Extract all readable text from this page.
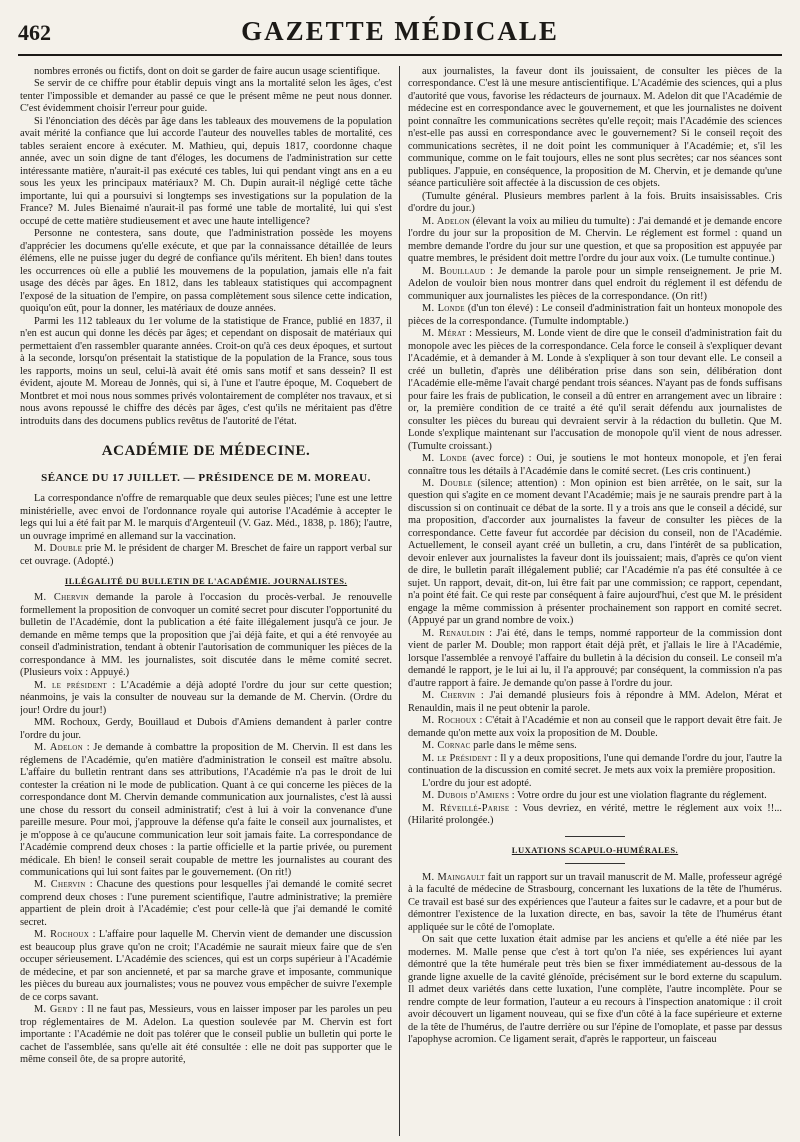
462	GAZETTE MÉDICALE

nombres erronés ou fictifs, dont on doit se garder de faire aucun usage scientifique.

Se servir de ce chiffre pour établir depuis vingt ans la mortalité selon les âges, c'est tenter l'impossible et demander au passé ce que le présent même ne peut nous donner. C'est évidemment choisir l'erreur pour guide.

Si l'énonciation des décès par âge dans les tableaux des mouvemens de la population avait mérité la confiance que lui accorde l'auteur des nouvelles tables de mortalité, ces tables seraient encore à exécuter. M. Mathieu, qui, depuis 1817, coordonne chaque année, avec un soin digne de tant d'éloges, les documens de l'administration sur cette intéressante matière, n'aurait-il pas exécuté ces tables, lui qui pendant vingt ans en a eu sous les yeux les principaux matériaux? M. Ch. Dupin aurait-il négligé cette tâche importante, lui qui a poursuivi si longtemps ses investigations sur la population de la France? M. Jules Bienaimé n'aurait-il pas formé une table de mortalité, lui qui s'est occupé de cette matière studieusement et avec une haute intelligence?

Personne ne contestera, sans doute, que l'administration possède les moyens d'apprécier les documens qu'elle exécute, et que par la connaissance détaillée de leurs élémens, elle ne puisse juger du degré de confiance qu'ils méritent. Eh bien! dans toutes les occurrences où elle a publié les mouvemens de la population, jamais elle n'a fait usage des décès par âges. En 1812, dans les tableaux statistiques qui accompagnent l'exposé de la situation de l'empire, on passa complètement sous silence cette indication, quoiqu'on eût, pour la donner, les matériaux de douze années.

Parmi les 112 tableaux du 1er volume de la statistique de France, publié en 1837, il n'en est aucun qui donne les décès par âges; et cependant on disposait de matériaux qui permettaient d'en rassembler quarante années. Croit-on qu'à ces deux époques, et surtout à la seconde, lorsqu'on présentait la statistique de la population de la France, sous tous les rapports, moins un seul, celui-là avait été omis sans motif et sans dessein? Il est évident, ajoute M. Moreau de Jonnès, qui si, à l'une et l'autre époque, M. Coquebert de Montbret et moi nous nous sommes privés volontairement de compléter nos travaux, et si nous avons repoussé le chiffre des décès par âges, c'est qu'ils ne méritaient pas d'être introduits dans des documens publics revêtus de l'autorité de l'état.

ACADÉMIE DE MÉDECINE.
SÉANCE DU 17 JUILLET. — PRÉSIDENCE DE M. MOREAU.

La correspondance n'offre de remarquable que deux seules pièces; l'une est une lettre ministérielle, avec envoi de l'ordonnance royale qui autorise l'Académie à accepter le legs qui lui a été fait par M. le marquis d'Argenteuil (V. Gaz. Méd., 1838, p. 186); l'autre, un ouvrage imprimé en allemand sur la vaccination.

M. Double prie M. le président de charger M. Breschet de faire un rapport verbal sur cet ouvrage. (Adopté.)

ILLÉGALITÉ DU BULLETIN DE L'ACADÉMIE. JOURNALISTES.

M. Chervin demande la parole à l'occasion du procès-verbal. Je renouvelle formellement la proposition de convoquer un comité secret pour discuter l'opportunité du bulletin de l'Académie, dont la publication a été faite illégalement jusqu'à ce jour. Je demande en même temps que la proposition que j'ai déjà faite, et qui a été renvoyée au conseil d'administration, tendant à obtenir l'autorisation de communiquer les pièces de la correspondance à MM. les journalistes, soit discutée dans le même comité secret. (Plusieurs voix : Appuyé.)

M. le président : L'Académie a déjà adopté l'ordre du jour sur cette question; néanmoins, je vais la consulter de nouveau sur la demande de M. Chervin. (Ordre du jour! Ordre du jour!)

MM. Rochoux, Gerdy, Bouillaud et Dubois d'Amiens demandent à parler contre l'ordre du jour.

M. Adelon : Je demande à combattre la proposition de M. Chervin. Il est dans les réglemens de l'Académie, qu'en matière d'administration le conseil est maître absolu. L'affaire du bulletin rentrant dans ses attributions, l'Académie n'a pas le droit de lui contester la création ni le mode de publication. Quant à ce qui concerne les pièces de la correspondance dont M. Chervin demande communication aux journalistes, c'est là aussi une chose du ressort du conseil administratif; c'est à lui à voir la convenance d'une pareille mesure. Pour moi, j'approuve la défense qu'a faite le conseil aux journalistes, et je m'oppose à ce qu'aucune communication leur soit jamais faite. La correspondance de l'Académie comprend deux choses : la partie officielle et la partie privée, ou purement médicale. Eh bien! le conseil serait coupable de mettre les journalistes au courant des communications qui lui sont faites par le gouvernement. (On rit!)

M. Chervin : Chacune des questions pour lesquelles j'ai demandé le comité secret comprend deux choses : l'une purement scientifique, l'autre administrative; la première appartient de plein droit à l'Académie; c'est pour celle-là que j'ai demandé le comité secret.

M. Rochoux : L'affaire pour laquelle M. Chervin vient de demander une discussion est beaucoup plus grave qu'on ne croit; l'Académie ne saurait mieux faire que de s'en occuper sérieusement. L'Académie des sciences, qui est un corps supérieur à l'Académie de médecine, et par son ancienneté, et par sa marche grave et imposante, communique les pièces du bureau aux journalistes; vous ne pouvez vous empêcher de suivre l'exemple de ce corps savant.

M. Gerdy : Il ne faut pas, Messieurs, vous en laisser imposer par les paroles un peu trop réglementaires de M. Adelon. La question soulevée par M. Chervin est fort importante : l'Académie ne doit pas tolérer que le conseil publie un bulletin qui porte le cachet de l'assemblée, sans qu'elle ait été consultée : elle ne doit pas supporter que le même conseil ôte, de sa propre autorité,

aux journalistes, la faveur dont ils jouissaient, de consulter les pièces de la correspondance. C'est là une mesure antiscientifique. L'Académie des sciences, qui a plus d'autorité que vous, favorise les rédacteurs de journaux. M. Adelon dit que l'Académie de médecine est en correspondance avec le gouvernement, et que les journalistes ne doivent point connaître les communications secrètes qu'elle reçoit; mais l'Académie des sciences n'est-elle pas aussi en correspondance avec le gouvernement? Si le conseil reçoit des communications secrètes, il ne doit point les communiquer à l'Académie; et, s'il les communique, comme on le fait toujours, elles ne sont plus secrètes; car nos séances sont publiques. J'appuie, en conséquence, la proposition de M. Chervin, et je demande qu'une séance particulière soit affectée à la discussion de ces objets.

(Tumulte général. Plusieurs membres parlent à la fois. Bruits insaisissables. Cris d'ordre du jour.)

M. Adelon (élevant la voix au milieu du tumulte) : J'ai demandé et je demande encore l'ordre du jour sur la proposition de M. Chervin. Le réglement est formel : quand un membre demande l'ordre du jour sur une question, et que sa proposition est appuyée par quatre membres, le président doit mettre l'ordre du jour aux voix. (Le tumulte continue.)

M. Bouillaud : Je demande la parole pour un simple renseignement. Je prie M. Adelon de vouloir bien nous montrer dans quel endroit du réglement il est défendu de communiquer aux journalistes les pièces de la correspondance. (On rit!)

M. Londe (d'un ton élevé) : Le conseil d'administration fait un honteux monopole des pièces de la correspondance. (Tumulte indomptable.)

M. Mérat : Messieurs, M. Londe vient de dire que le conseil d'administration fait du monopole avec les pièces de la correspondance. Cela force le conseil à s'expliquer devant l'Académie, et à demander à M. Londe à s'expliquer à son tour devant elle. Le conseil a créé un bulletin, d'après une délibération prise dans son sein, délibération dont l'Académie elle-même l'avait chargé pendant trois séances. N'ayant pas de fonds suffisans pour faire les frais de publication, le conseil a dû entrer en arrangement avec un libraire : or, la première condition de ce traité a été qu'il serait défendu aux journalistes de consulter les pièces du bureau qui devraient servir à la rédaction du bulletin. Que M. Londe s'explique maintenant sur l'accusation de monopole qu'il vient de nous adresser. (Tumulte croissant.)

M. Londe (avec force) : Oui, je soutiens le mot honteux monopole, et j'en ferai connaître tous les détails à l'Académie dans le comité secret. (Les cris continuent.)

M. Double (silence; attention) : Mon opinion est bien arrêtée, on le sait, sur la question qui s'agite en ce moment devant l'Académie; mais je ne saurais prendre part à la discussion si on continuait ce débat de la sorte. Il y a trois ans que le conseil a décidé, sur ma proposition, d'accorder aux journalistes la faveur de consulter les pièces de la correspondance. Cette faveur fut accordée par décision du conseil, non de l'Académie. Actuellement, le conseil ayant créé un bulletin, a cru, dans l'intérêt de sa publication, devoir enlever aux journalistes la faveur dont ils jouissaient; mais, d'après ce qu'on vient de dire, le bulletin paraît illégalement publié; car l'Académie n'a pas été consultée à ce sujet. Un rapport, devait, dit-on, lui être fait par une commission; ce rapport, cependant, n'a point été fait. Ce qui reste par conséquent à faire aujourd'hui, c'est que M. le président engage la même commission à présenter prochainement son rapport en comité secret. (Appuyé par un grand nombre de voix.)

M. Renauldin : J'ai été, dans le temps, nommé rapporteur de la commission dont vient de parler M. Double; mon rapport était déjà prêt, et j'allais le lire à l'Académie, lorsque l'assemblée a renvoyé l'affaire du bulletin à la décision du conseil. Le conseil m'a demandé le rapport, je le lui ai lu, il l'a approuvé; par conséquent, la commission n'a pas d'autre rapport à faire. Je demande qu'on passe à l'ordre du jour.

M. Chervin : J'ai demandé plusieurs fois à répondre à MM. Adelon, Mérat et Renauldin, mais il ne peut obtenir la parole.

M. Rochoux : C'était à l'Académie et non au conseil que le rapport devait être fait. Je demande qu'on mette aux voix la proposition de M. Double.

M. Cornac parle dans le même sens.

M. le Président : Il y a deux propositions, l'une qui demande l'ordre du jour, l'autre la continuation de la discussion en comité secret. Je mets aux voix la première proposition.

L'ordre du jour est adopté.

M. Dubois d'Amiens : Votre ordre du jour est une violation flagrante du réglement.

M. Réveillé-Parise : Vous devriez, en vérité, mettre le réglement aux voix !!... (Hilarité prolongée.)

LUXATIONS SCAPULO-HUMÉRALES.

M. Maingault fait un rapport sur un travail manuscrit de M. Malle, professeur agrégé à la faculté de médecine de Strasbourg, concernant les luxations de la tête de l'humérus. Ce travail est basé sur des expériences que l'auteur a faites sur le cadavre, et a pour but de démontrer l'existence de la luxation directe, en bas, savoir la tête de l'humérus étant appliquée sur le côté de l'omoplate.

On sait que cette luxation était admise par les anciens et qu'elle a été niée par les modernes. M. Malle pense que c'est à tort qu'on l'a niée, ses expériences lui ayant démontré que la tête humérale peut très bien se fixer immédiatement au-dessous de la grande ligne axuelle de la cavité glénoïde, précisément sur le bord externe du scapulum. Il admet deux variétés dans cette luxation, l'une complète, l'autre incomplète. Pour se rendre compte de leur formation, l'auteur a eu recours à l'inspection anatomique : il croit avoir découvert un ligament nouveau, qui se fixe d'un côté à la face supérieure et externe de la tête de l'humérus, de l'autre derrière ou sur l'épine de l'omoplate, et passe par dessus l'apophyse acromion. Ce ligament serait, d'après le rapporteur, un faisceau
